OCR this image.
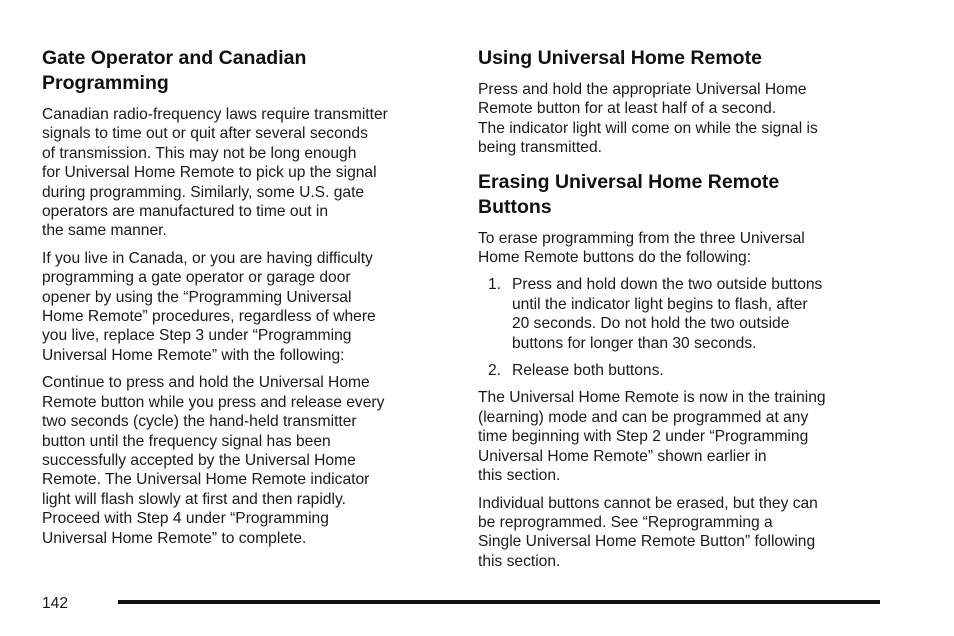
Gate Operator and Canadian
Programming

Canadian radio-frequency laws require transmitter
signals to time out or quit after several seconds
of transmission. This may not be long enough
for Universal Home Remote to pick up the signal
during programming. Similarly, some U.S. gate
operators are manufactured to time out in
the same manner.

If you live in Canada, or you are having difficulty
programming a gate operator or garage door
opener by using the “Programming Universal
Home Remote” procedures, regardless of where
you live, replace Step 3 under “Programming
Universal Home Remote” with the following:

Continue to press and hold the Universal Home
Remote button while you press and release every
two seconds (cycle) the hand-held transmitter
button until the frequency signal has been
successfully accepted by the Universal Home
Remote. The Universal Home Remote indicator
light will flash slowly at first and then rapidly.
Proceed with Step 4 under “Programming
Universal Home Remote” to complete.

Using Universal Home Remote

Press and hold the appropriate Universal Home
Remote button for at least half of a second.
The indicator light will come on while the signal is
being transmitted.

Erasing Universal Home Remote
Buttons

To erase programming from the three Universal
Home Remote buttons do the following:

1. Press and hold down the two outside buttons
until the indicator light begins to flash, after
20 seconds. Do not hold the two outside
buttons for longer than 30 seconds.
2. Release both buttons.

The Universal Home Remote is now in the training
(learning) mode and can be programmed at any
time beginning with Step 2 under “Programming
Universal Home Remote” shown earlier in
this section.

Individual buttons cannot be erased, but they can
be reprogrammed. See “Reprogramming a
Single Universal Home Remote Button” following
this section.

142
